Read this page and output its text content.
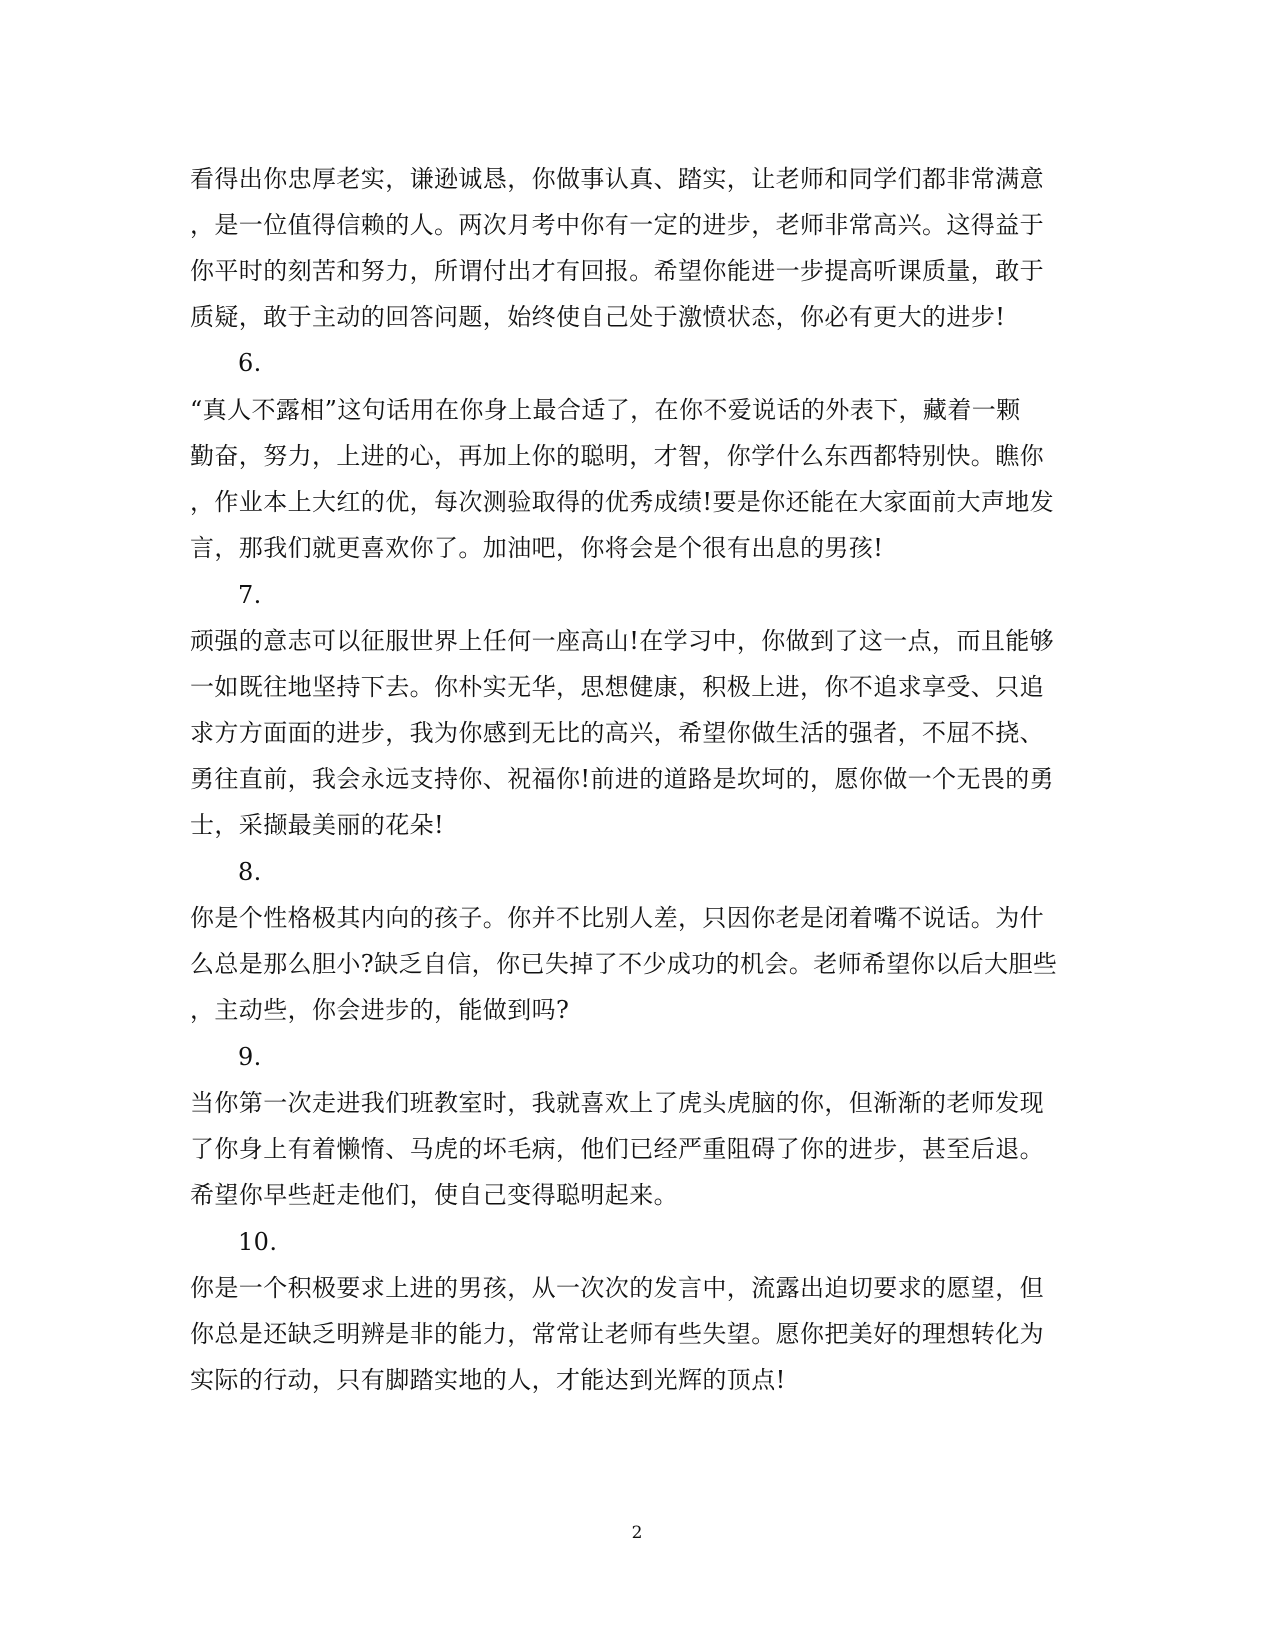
看得出你忠厚老实，谦逊诚恳，你做事认真、踏实，让老师和同学们都非常满意
，是一位值得信赖的人。两次月考中你有一定的进步，老师非常高兴。这得益于
你平时的刻苦和努力，所谓付出才有回报。希望你能进一步提高听课质量，敢于
质疑，敢于主动的回答问题，始终使自己处于激愤状态，你必有更大的进步!
6.
“真人不露相”这句话用在你身上最合适了，在你不爱说话的外表下，藏着一颗
勤奋，努力，上进的心，再加上你的聪明，才智，你学什么东西都特别快。瞧你
，作业本上大红的优，每次测验取得的优秀成绩!要是你还能在大家面前大声地发
言，那我们就更喜欢你了。加油吧，你将会是个很有出息的男孩!
7.
顽强的意志可以征服世界上任何一座高山!在学习中，你做到了这一点，而且能够
一如既往地坚持下去。你朴实无华，思想健康，积极上进，你不追求享受、只追
求方方面面的进步，我为你感到无比的高兴，希望你做生活的强者，不屈不挠、
勇往直前，我会永远支持你、祝福你!前进的道路是坎坷的，愿你做一个无畏的勇
士，采撷最美丽的花朵!
8.
你是个性格极其内向的孩子。你并不比别人差，只因你老是闭着嘴不说话。为什
么总是那么胆小?缺乏自信，你已失掉了不少成功的机会。老师希望你以后大胆些
，主动些，你会进步的，能做到吗?
9.
当你第一次走进我们班教室时，我就喜欢上了虎头虎脑的你，但渐渐的老师发现
了你身上有着懒惰、马虎的坏毛病，他们已经严重阻碍了你的进步，甚至后退。
希望你早些赶走他们，使自己变得聪明起来。
10.
你是一个积极要求上进的男孩，从一次次的发言中，流露出迫切要求的愿望，但
你总是还缺乏明辨是非的能力，常常让老师有些失望。愿你把美好的理想转化为
实际的行动，只有脚踏实地的人，才能达到光辉的顶点!
2
